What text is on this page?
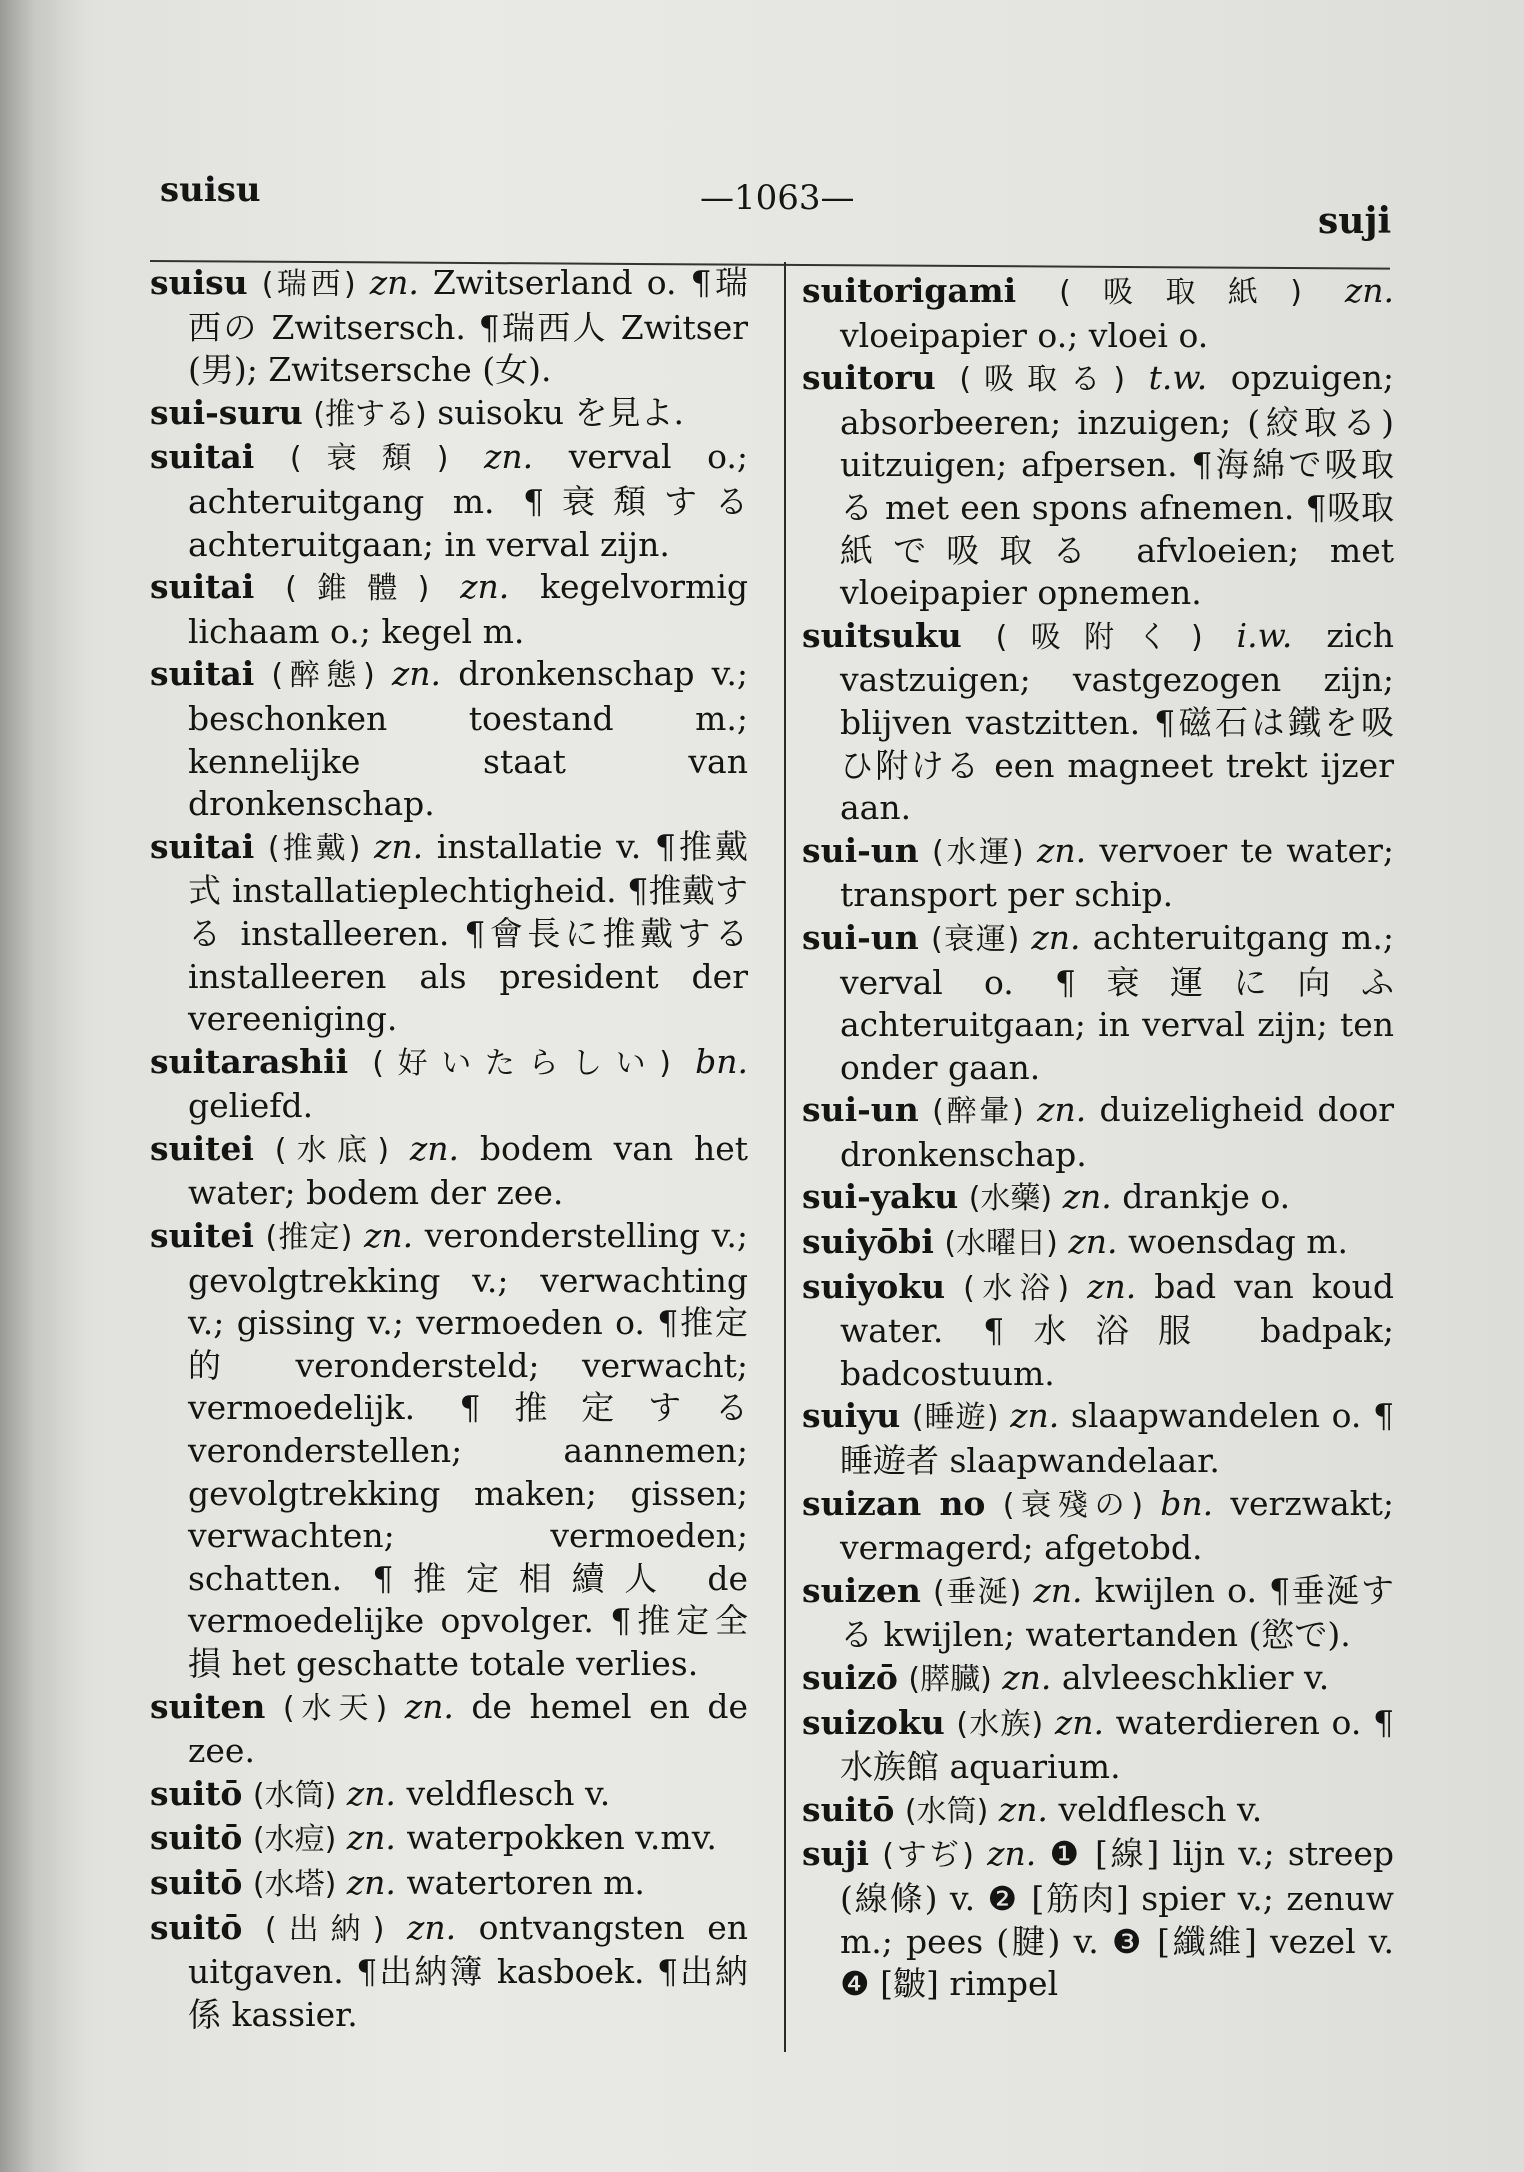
suisu	—1063—
suji

suisu (瑞西) zn. Zwitserland o. ¶瑞西の Zwitsersch. ¶瑞西人 Zwitser (男); Zwitsersche (女).

sui-suru (推する) suisoku を見よ.

suitai (衰頽) zn. verval o.; achteruitgang m. ¶衰頽する achteruitgaan; in verval zijn.

suitai (錐體) zn. kegelvormig lichaam o.; kegel m.

suitai (醉態) zn. dronkenschap v.; beschonken toestand m.; kennelijke staat van dronkenschap.

suitai (推戴) zn. installatie v. ¶推戴式 installatieplechtigheid. ¶推戴する installeeren. ¶會長に推戴する installeeren als president der vereeniging.

suitarashii (好いたらしい) bn. geliefd.

suitei (水底) zn. bodem van het water; bodem der zee.

suitei (推定) zn. veronderstelling v.; gevolgtrekking v.; verwachting v.; gissing v.; vermoeden o. ¶推定的 verondersteld; verwacht; vermoedelijk. ¶推定する veronderstellen; aannemen; gevolgtrekking maken; gissen; verwachten; vermoeden; schatten. ¶推定相續人 de vermoedelijke opvolger. ¶推定全損 het geschatte totale verlies.

suiten (水天) zn. de hemel en de zee.

suitō (水筒) zn. veldflesch v.

suitō (水痘) zn. waterpokken v.mv.

suitō (水塔) zn. watertoren m.

suitō (出納) zn. ontvangsten en uitgaven. ¶出納簿 kasboek. ¶出納係 kassier.

suitorigami (吸取紙) zn. vloeipapier o.; vloei o.

suitoru (吸取る) t.w. opzuigen; absorbeeren; inzuigen; (絞取る) uitzuigen; afpersen. ¶海綿で吸取る met een spons afnemen. ¶吸取紙で吸取る afvloeien; met vloeipapier opnemen.

suitsuku (吸附く) i.w. zich vastzuigen; vastgezogen zijn; blijven vastzitten. ¶磁石は鐵を吸ひ附ける een magneet trekt ijzer aan.

sui-un (水運) zn. vervoer te water; transport per schip.

sui-un (衰運) zn. achteruitgang m.; verval o. ¶衰運に向ふ achteruitgaan; in verval zijn; ten onder gaan.

sui-un (醉暈) zn. duizeligheid door dronkenschap.

sui-yaku (水藥) zn. drankje o.

suiyōbi (水曜日) zn. woensdag m.

suiyoku (水浴) zn. bad van koud water. ¶水浴服 badpak; badcostuum.

suiyu (睡遊) zn. slaapwandelen o. ¶睡遊者 slaapwandelaar.

suizan no (衰殘の) bn. verzwakt; vermagerd; afgetobd.

suizen (垂涎) zn. kwijlen o. ¶垂涎する kwijlen; watertanden (慾で).

suizō (膵臓) zn. alvleeschklier v.

suizoku (水族) zn. waterdieren o. ¶水族館 aquarium.

suitō (水筒) zn. veldflesch v.

suji (すぢ) zn. ❶ [線] lijn v.; streep (線條) v. ❷ [筋肉] spier v.; zenuw m.; pees (腱) v. ❸ [纖維] vezel v. ❹ [皺] rimpel
